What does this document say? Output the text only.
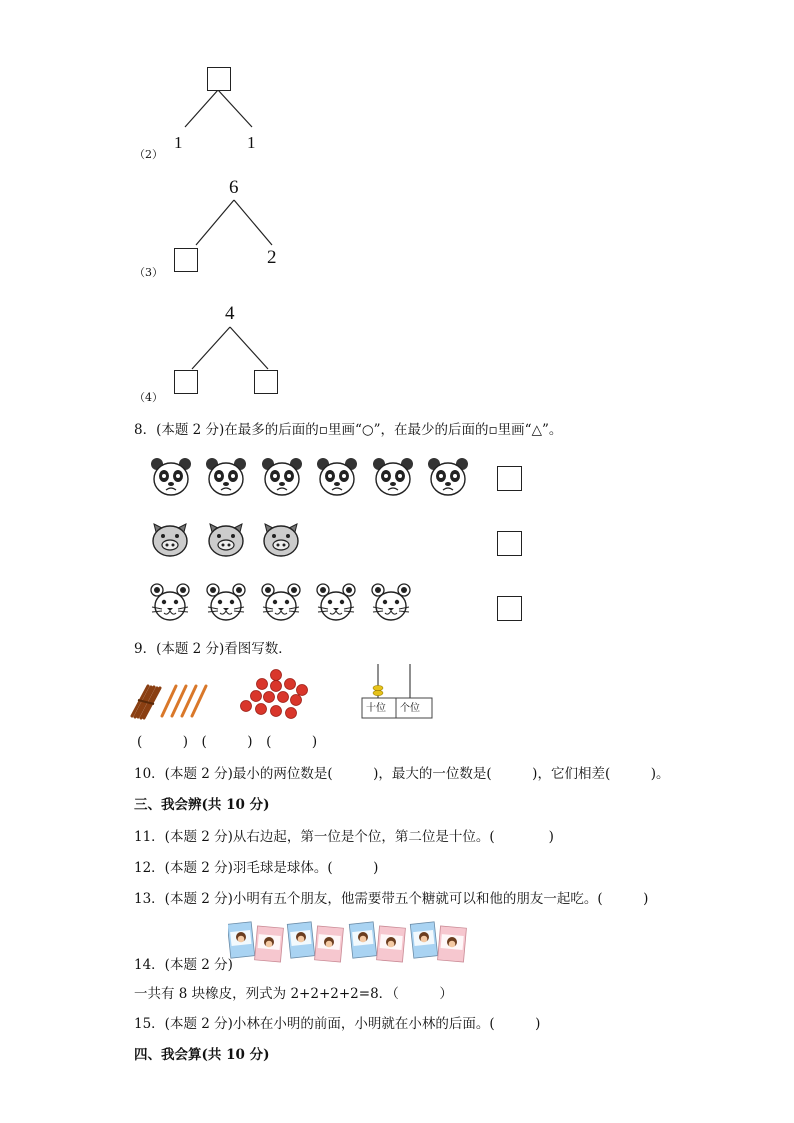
1	1
（2）
6
2
（3）
4
（4）
8．(本题 2 分)在最多的后面的▫里画“○”，在最少的后面的▫里画“△”。
9．(本题 2 分)看图写数．
十位 个位
(　　　)　(　　　)　(　　　)
10．(本题 2 分)最小的两位数是(　　　)，最大的一位数是(　　　)，它们相差(　　　)。
三、我会辨(共 10 分)
11．(本题 2 分)从右边起，第一位是个位，第二位是十位。(　　　　)
12．(本题 2 分)羽毛球是球体。(　　　)
13．(本题 2 分)小明有五个朋友，他需要带五个糖就可以和他的朋友一起吃。(　　　)
14．(本题 2 分)
一共有 8 块橡皮，列式为 2+2+2+2=8．（　　　）
15．(本题 2 分)小林在小明的前面，小明就在小林的后面。(　　　)
四、我会算(共 10 分)
